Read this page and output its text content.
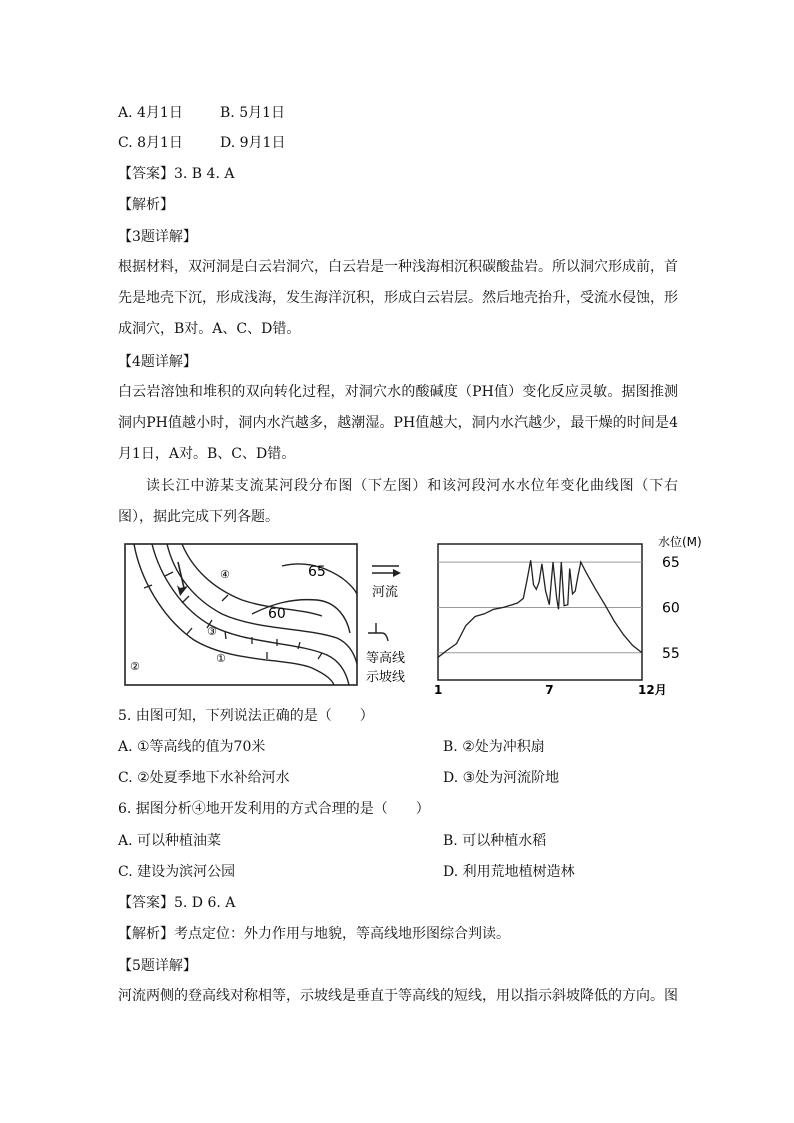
A. 4月1日	B. 5月1日
C. 8月1日	D. 9月1日
【答案】3. B 4. A
【解析】
【3题详解】
根据材料，双河洞是白云岩洞穴，白云岩是一种浅海相沉积碳酸盐岩。所以洞穴形成前，首先是地壳下沉，形成浅海，发生海洋沉积，形成白云岩层。然后地壳抬升，受流水侵蚀，形成洞穴，B对。A、C、D错。
【4题详解】
白云岩溶蚀和堆积的双向转化过程，对洞穴水的酸碱度（PH值）变化反应灵敏。据图推测洞内PH值越小时，洞内水汽越多，越潮湿。PH值越大，洞内水汽越少，最干燥的时间是4月1日，A对。B、C、D错。
读长江中游某支流某河段分布图（下左图）和该河段河水水位年变化曲线图（下右图），据此完成下列各题。
④
③
①
②
65
60
河流
等高线
示坡线
65
60
55
1	7	12月
水位(M)
5. 由图可知，下列说法正确的是（　　）
A. ①等高线的值为70米	B. ②处为冲积扇
C. ②处夏季地下水补给河水	D. ③处为河流阶地
6. 据图分析④地开发利用的方式合理的是（　　）
A. 可以种植油菜	B. 可以种植水稻
C. 建设为滨河公园	D. 利用荒地植树造林
【答案】5. D 6. A
【解析】考点定位：外力作用与地貌，等高线地形图综合判读。
【5题详解】
河流两侧的登高线对称相等，示坡线是垂直于等高线的短线，用以指示斜坡降低的方向。图
